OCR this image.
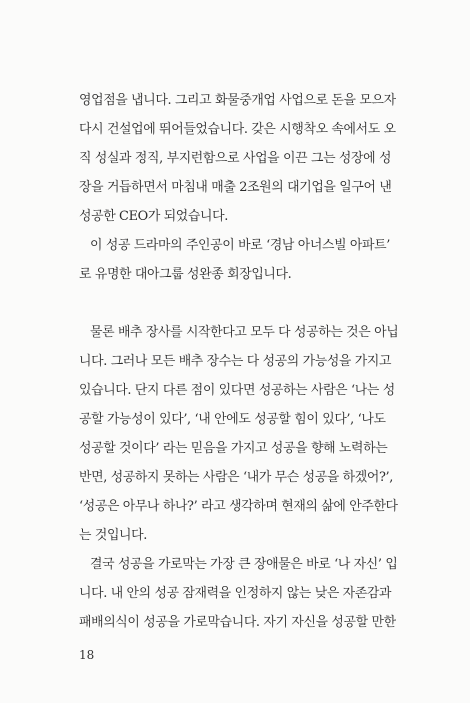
영업점을 냅니다. 그리고 화물중개업 사업으로 돈을 모으자
다시 건설업에 뛰어들었습니다. 갖은 시행착오 속에서도 오
직 성실과 정직, 부지런함으로 사업을 이끈 그는 성장에 성
장을 거듭하면서 마침내 매출 2조원의 대기업을 일구어 낸
성공한 CEO가 되었습니다.
이 성공 드라마의 주인공이 바로 ‘경남 아너스빌 아파트’
로 유명한 대아그룹 성완종 회장입니다.
물론 배추 장사를 시작한다고 모두 다 성공하는 것은 아닙
니다. 그러나 모든 배추 장수는 다 성공의 가능성을 가지고
있습니다. 단지 다른 점이 있다면 성공하는 사람은 ‘나는 성
공할 가능성이 있다’, ‘내 안에도 성공할 힘이 있다’, ‘나도
성공할 것이다’ 라는 믿음을 가지고 성공을 향해 노력하는
반면, 성공하지 못하는 사람은 ‘내가 무슨 성공을 하겠어?’,
‘성공은 아무나 하나?’ 라고 생각하며 현재의 삶에 안주한다
는 것입니다.
결국 성공을 가로막는 가장 큰 장애물은 바로 ‘나 자신’ 입
니다. 내 안의 성공 잠재력을 인정하지 않는 낮은 자존감과
패배의식이 성공을 가로막습니다. 자기 자신을 성공할 만한
18
